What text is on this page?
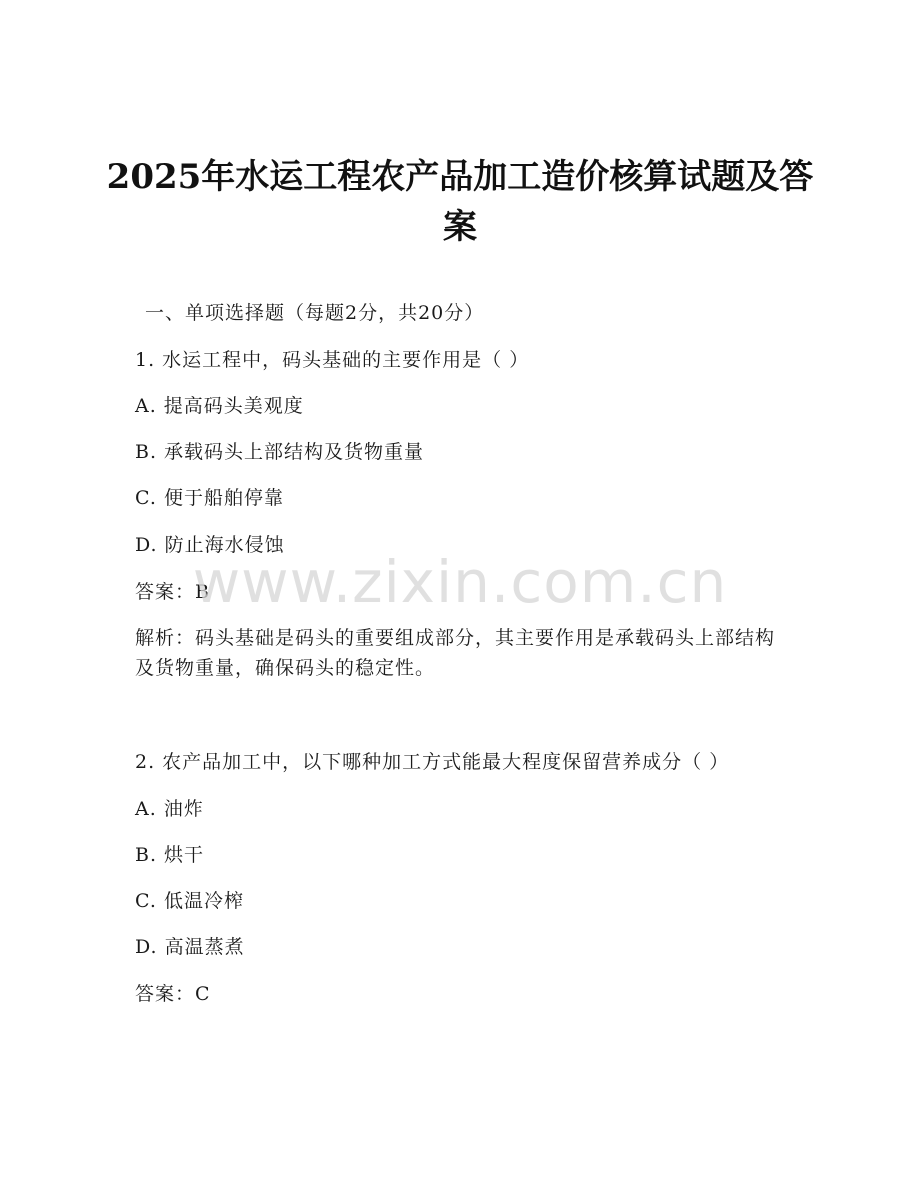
2025年水运工程农产品加工造价核算试题及答案
一、单项选择题（每题2分，共20分）
1. 水运工程中，码头基础的主要作用是（ ）
A. 提高码头美观度
B. 承载码头上部结构及货物重量
C. 便于船舶停靠
D. 防止海水侵蚀
答案：B
解析：码头基础是码头的重要组成部分，其主要作用是承载码头上部结构及货物重量，确保码头的稳定性。
2. 农产品加工中，以下哪种加工方式能最大程度保留营养成分（ ）
A. 油炸
B. 烘干
C. 低温冷榨
D. 高温蒸煮
答案：C
www.zixin.com.cn
